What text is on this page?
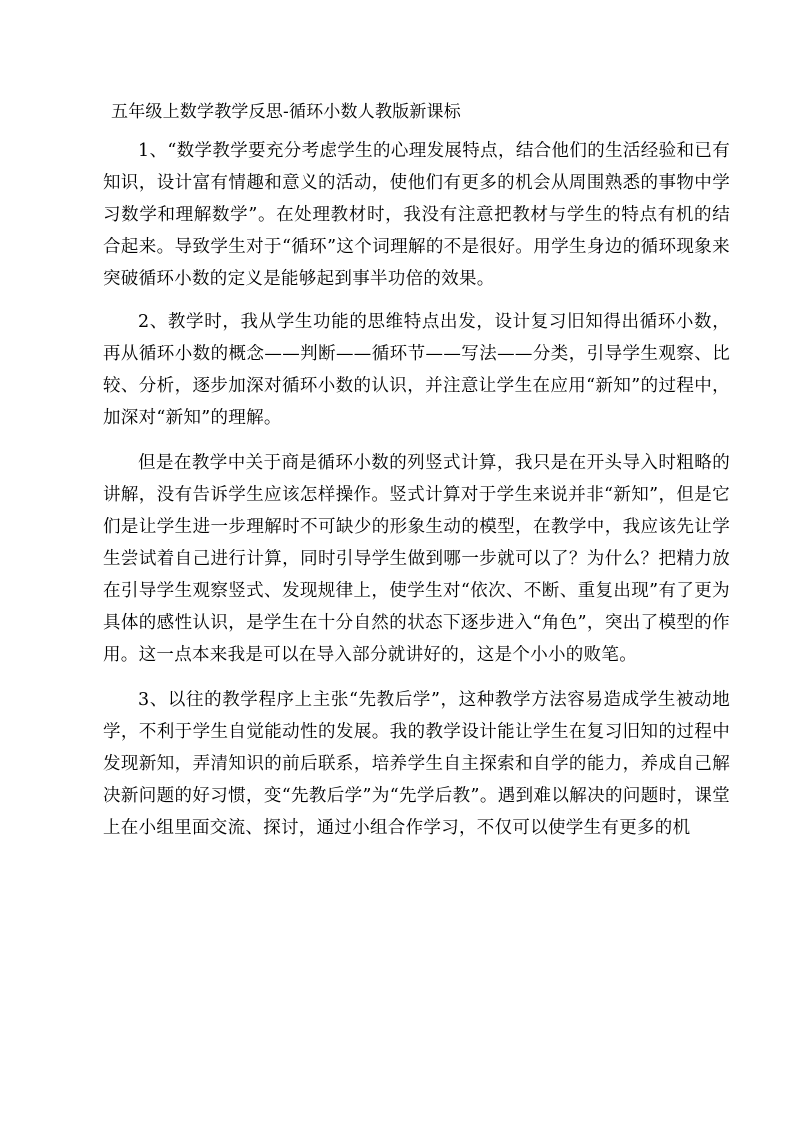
五年级上数学教学反思-循环小数人教版新课标

1、“数学教学要充分考虑学生的心理发展特点，结合他们的生活经验和已有知识，设计富有情趣和意义的活动，使他们有更多的机会从周围熟悉的事物中学习数学和理解数学”。在处理教材时，我没有注意把教材与学生的特点有机的结合起来。导致学生对于“循环”这个词理解的不是很好。用学生身边的循环现象来突破循环小数的定义是能够起到事半功倍的效果。

2、教学时，我从学生功能的思维特点出发，设计复习旧知得出循环小数，再从循环小数的概念——判断——循环节——写法——分类，引导学生观察、比较、分析，逐步加深对循环小数的认识，并注意让学生在应用“新知”的过程中，加深对“新知”的理解。

但是在教学中关于商是循环小数的列竖式计算，我只是在开头导入时粗略的讲解，没有告诉学生应该怎样操作。竖式计算对于学生来说并非“新知”，但是它们是让学生进一步理解时不可缺少的形象生动的模型，在教学中，我应该先让学生尝试着自己进行计算，同时引导学生做到哪一步就可以了？为什么？把精力放在引导学生观察竖式、发现规律上，使学生对“依次、不断、重复出现”有了更为具体的感性认识，是学生在十分自然的状态下逐步进入“角色”，突出了模型的作用。这一点本来我是可以在导入部分就讲好的，这是个小小的败笔。

3、以往的教学程序上主张“先教后学”，这种教学方法容易造成学生被动地学，不利于学生自觉能动性的发展。我的教学设计能让学生在复习旧知的过程中发现新知，弄清知识的前后联系，培养学生自主探索和自学的能力，养成自己解决新问题的好习惯，变“先教后学”为“先学后教”。遇到难以解决的问题时，课堂上在小组里面交流、探讨，通过小组合作学习，不仅可以使学生有更多的机
